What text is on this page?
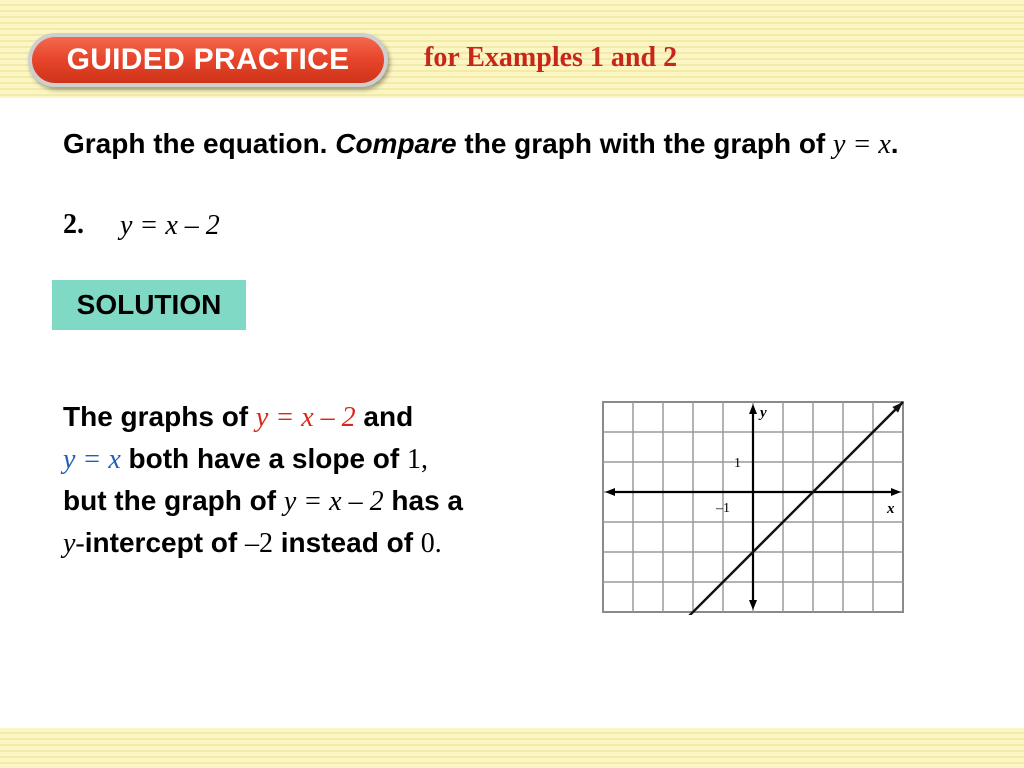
GUIDED PRACTICE	for Examples 1 and 2
Graph the equation. Compare the graph with the graph of y = x.
2. y = x – 2
SOLUTION
The graphs of y = x – 2 and
y = x both have a slope of 1,
but the graph of y = x – 2 has a
y-intercept of –2 instead of 0.
y
x
1
–1
